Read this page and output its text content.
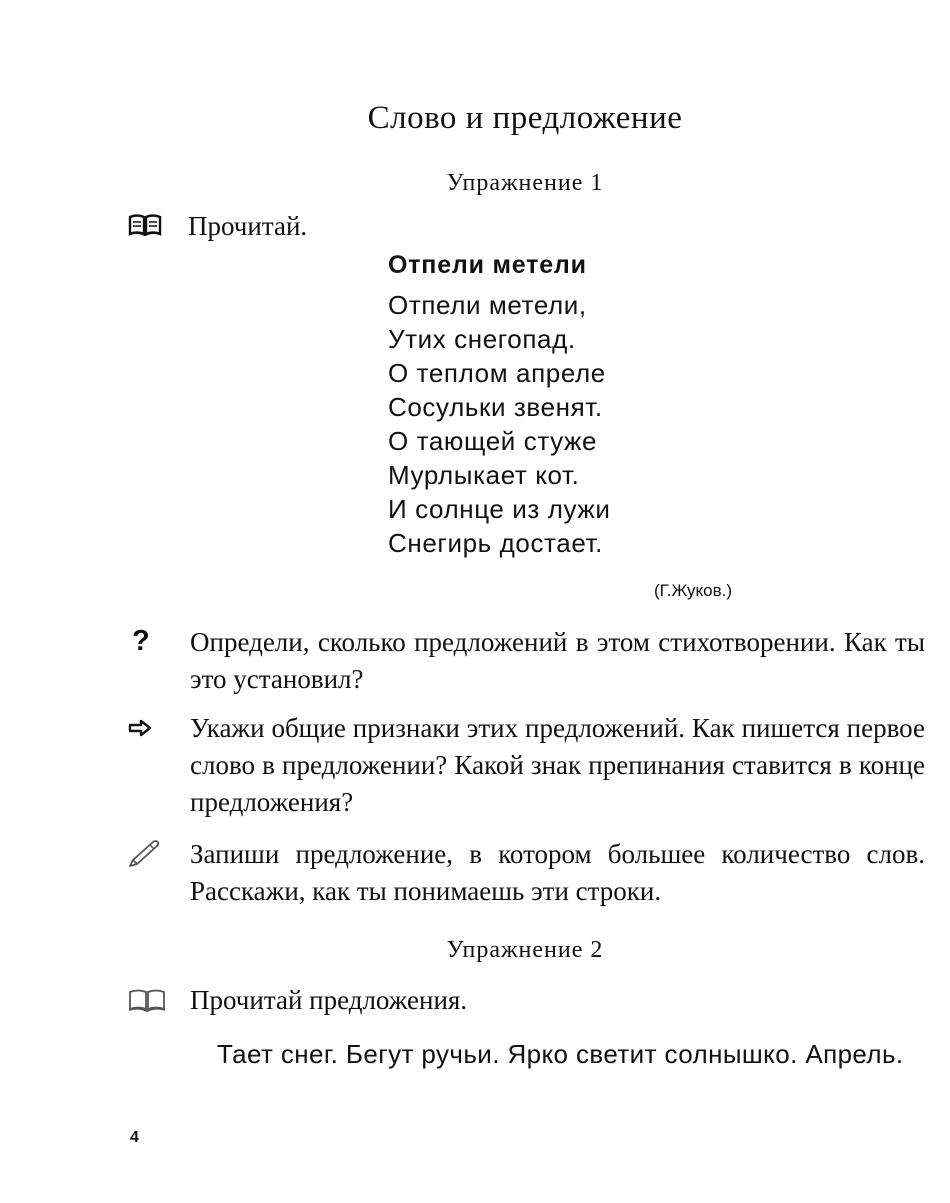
Слово и предложение
Упражнение 1
Прочитай.
Отпели метели
Отпели метели,
Утих снегопад.
О теплом апреле
Сосульки звенят.
О тающей стуже
Мурлыкает кот.
И солнце из лужи
Снегирь достает.
(Г.Жуков.)
? Определи, сколько предложений в этом стихотворении. Как ты это установил?
Укажи общие признаки этих предложений. Как пишется первое слово в предложении? Какой знак препинания ставится в конце предложения?
Запиши предложение, в котором большее количество слов. Расскажи, как ты понимаешь эти строки.
Упражнение 2
Прочитай предложения.
Тает снег. Бегут ручьи. Ярко светит солнышко. Апрель.
4
